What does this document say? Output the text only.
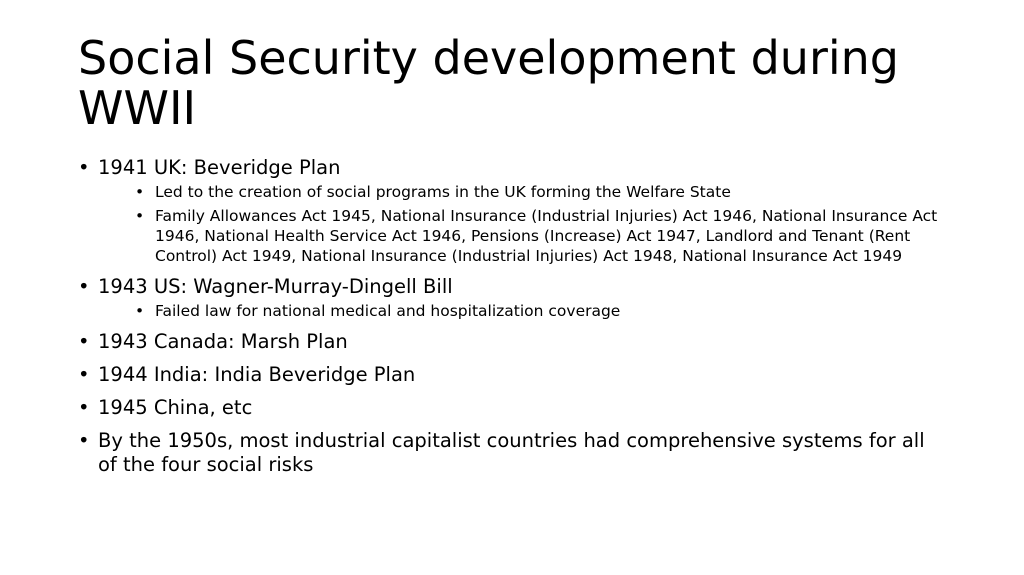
Social Security development during WWII
• 1941 UK: Beveridge Plan
• Led to the creation of social programs in the UK forming the Welfare State
• Family Allowances Act 1945, National Insurance (Industrial Injuries) Act 1946, National Insurance Act 1946, National Health Service Act 1946, Pensions (Increase) Act 1947, Landlord and Tenant (Rent Control) Act 1949, National Insurance (Industrial Injuries) Act 1948, National Insurance Act 1949
• 1943 US: Wagner-Murray-Dingell Bill
• Failed law for national medical and hospitalization coverage
• 1943 Canada: Marsh Plan
• 1944 India: India Beveridge Plan
• 1945 China, etc
• By the 1950s, most industrial capitalist countries had comprehensive systems for all of the four social risks
